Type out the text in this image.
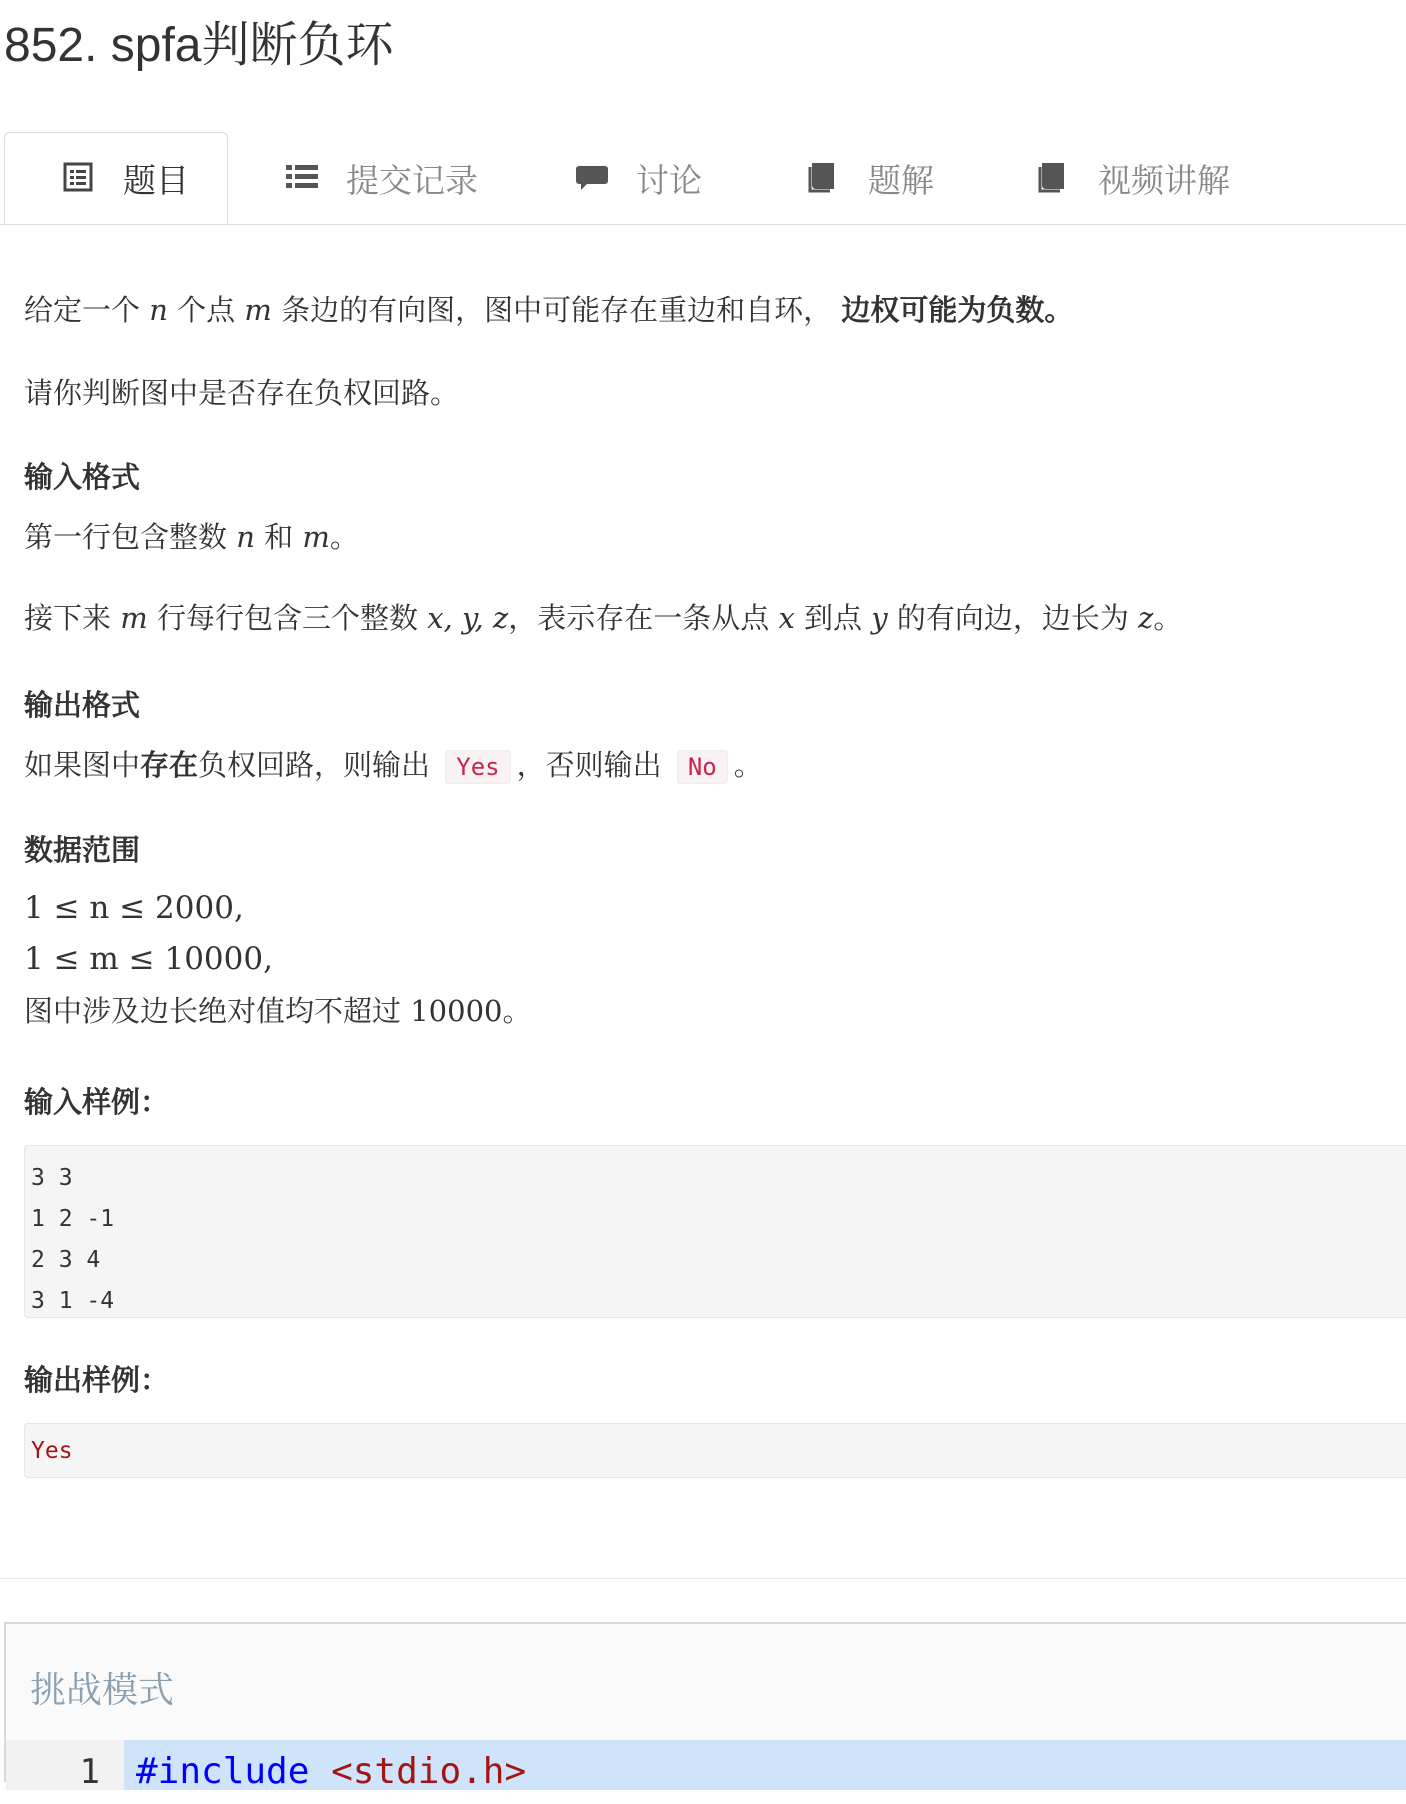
852. spfa判断负环
题目	提交记录	讨论	题解	视频讲解
给定一个 n 个点 m 条边的有向图，图中可能存在重边和自环， 边权可能为负数。
请你判断图中是否存在负权回路。
输入格式
第一行包含整数 n 和 m。
接下来 m 行每行包含三个整数 x, y, z，表示存在一条从点 x 到点 y 的有向边，边长为 z。
输出格式
如果图中存在负权回路，则输出 Yes ，否则输出 No 。
数据范围
1 ≤ n ≤ 2000,
1 ≤ m ≤ 10000,
图中涉及边长绝对值均不超过 10000。
输入样例：
3 3
1 2 -1
2 3 4
3 1 -4
输出样例：
Yes
挑战模式
1	#include <stdio.h>
